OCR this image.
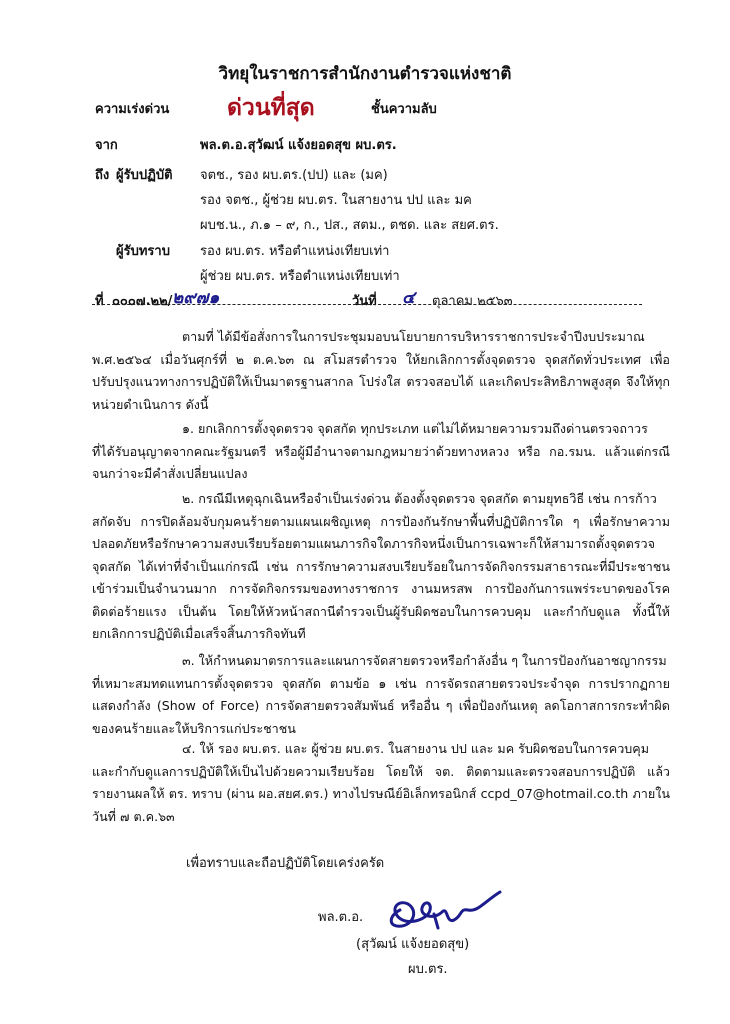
วิทยุในราชการสำนักงานตำรวจแห่งชาติ
ความเร่งด่วน	ด่วนที่สุด	ชั้นความลับ
จาก	พล.ต.อ.สุวัฒน์ แจ้งยอดสุข ผบ.ตร.
ถึง ผู้รับปฏิบัติ จตช., รอง ผบ.ตร.(ปป) และ (มค)
รอง จตช., ผู้ช่วย ผบ.ตร. ในสายงาน ปป และ มค
ผบช.น., ภ.๑ – ๙, ก., ปส., สตม., ตชด. และ สยศ.ตร.
ผู้รับทราบ รอง ผบ.ตร. หรือตำแหน่งเทียบเท่า
ผู้ช่วย ผบ.ตร. หรือตำแหน่งเทียบเท่า
ที่ ๐๐๐๗.๒๒/ ๒๙๗๑	วันที่ ๔ ตุลาคม ๒๕๖๓
ตามที่ ได้มีข้อสั่งการในการประชุมมอบนโยบายการบริหารราชการประจำปีงบประมาณ
พ.ศ.๒๕๖๔ เมื่อวันศุกร์ที่ ๒ ต.ค.๖๓ ณ สโมสรตำรวจ ให้ยกเลิกการตั้งจุดตรวจ จุดสกัดทั่วประเทศ เพื่อปรับปรุงแนวทางการปฏิบัติให้เป็นมาตรฐานสากล โปร่งใส ตรวจสอบได้ และเกิดประสิทธิภาพสูงสุด จึงให้ทุกหน่วยดำเนินการ ดังนี้
๑. ยกเลิกการตั้งจุดตรวจ จุดสกัด ทุกประเภท แต่ไม่ได้หมายความรวมถึงด่านตรวจถาวร
ที่ได้รับอนุญาตจากคณะรัฐมนตรี หรือผู้มีอำนาจตามกฎหมายว่าด้วยทางหลวง หรือ กอ.รมน. แล้วแต่กรณี จนกว่าจะมีคำสั่งเปลี่ยนแปลง
๒. กรณีมีเหตุฉุกเฉินหรือจำเป็นเร่งด่วน ต้องตั้งจุดตรวจ จุดสกัด ตามยุทธวิธี เช่น การก้าว
สกัดจับ การปิดล้อมจับกุมคนร้ายตามแผนเผชิญเหตุ การป้องกันรักษาพื้นที่ปฏิบัติการใด ๆ เพื่อรักษาความปลอดภัยหรือรักษาความสงบเรียบร้อยตามแผนภารกิจใดภารกิจหนึ่งเป็นการเฉพาะก็ให้สามารถตั้งจุดตรวจ จุดสกัด ได้เท่าที่จำเป็นแก่กรณี เช่น การรักษาความสงบเรียบร้อยในการจัดกิจกรรมสาธารณะที่มีประชาชนเข้าร่วมเป็นจำนวนมาก การจัดกิจกรรมของทางราชการ งานมหรสพ การป้องกันการแพร่ระบาดของโรคติดต่อร้ายแรง เป็นต้น โดยให้หัวหน้าสถานีตำรวจเป็นผู้รับผิดชอบในการควบคุม และกำกับดูแล ทั้งนี้ให้ยกเลิกการปฏิบัติเมื่อเสร็จสิ้นภารกิจทันที
๓. ให้กำหนดมาตรการและแผนการจัดสายตรวจหรือกำลังอื่น ๆ ในการป้องกันอาชญากรรม
ที่เหมาะสมทดแทนการตั้งจุดตรวจ จุดสกัด ตามข้อ ๑ เช่น การจัดรถสายตรวจประจำจุด การปรากฏกายแสดงกำลัง (Show of Force) การจัดสายตรวจสัมพันธ์ หรืออื่น ๆ เพื่อป้องกันเหตุ ลดโอกาสการกระทำผิดของคนร้ายและให้บริการแก่ประชาชน
๔. ให้ รอง ผบ.ตร. และ ผู้ช่วย ผบ.ตร. ในสายงาน ปป และ มค รับผิดชอบในการควบคุม
และกำกับดูแลการปฏิบัติให้เป็นไปด้วยความเรียบร้อย โดยให้ จต. ติดตามและตรวจสอบการปฏิบัติ แล้วรายงานผลให้ ตร. ทราบ (ผ่าน ผอ.สยศ.ตร.) ทางไปรษณีย์อิเล็กทรอนิกส์ ccpd_07@hotmail.co.th ภายในวันที่ ๗ ต.ค.๖๓
เพื่อทราบและถือปฏิบัติโดยเคร่งครัด
พล.ต.อ.
(สุวัฒน์ แจ้งยอดสุข)
ผบ.ตร.
